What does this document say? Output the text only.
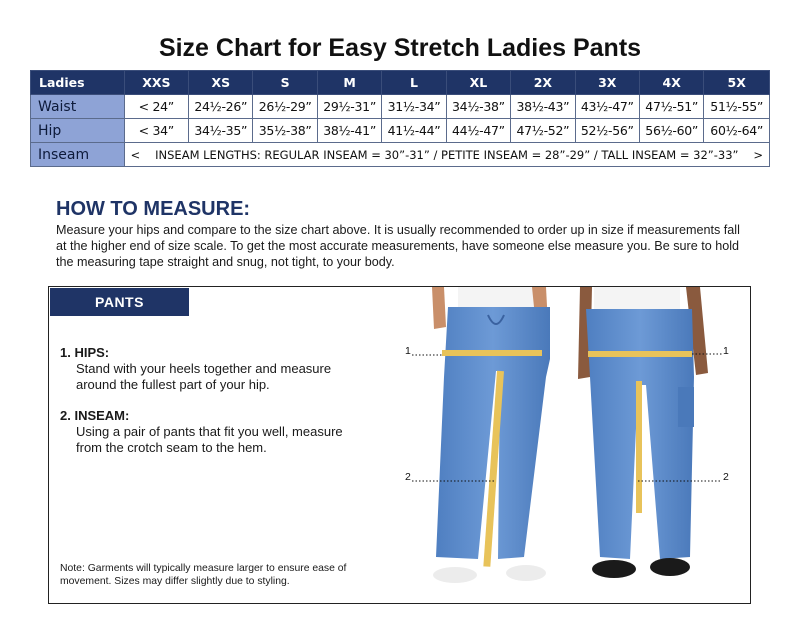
Size Chart for Easy Stretch Ladies Pants
Ladies	XXS	XS	S	M	L	XL	2X	3X	4X	5X
Waist	< 24”	24½-26”	26½-29”	29½-31”	31½-34”	34½-38”	38½-43”	43½-47”	47½-51”	51½-55”
Hip	< 34”	34½-35”	35½-38”	38½-41”	41½-44”	44½-47”	47½-52”	52½-56”	56½-60”	60½-64”
Inseam	< INSEAM LENGTHS: REGULAR INSEAM = 30”-31” / PETITE INSEAM = 28”-29” / TALL INSEAM = 32”-33” >									
HOW TO MEASURE:
Measure your hips and compare to the size chart above. It is usually recommended to order up in size if measurements fall at the higher end of size scale. To get the most accurate measurements, have someone else measure you. Be sure to hold the measuring tape straight and snug, not tight, to your body.
PANTS
1. HIPS:
Stand with your heels together and measure around the fullest part of your hip.
2. INSEAM:
Using a pair of pants that fit you well, measure from the crotch seam to the hem.
Note: Garments will typically measure larger to ensure ease of movement. Sizes may differ slightly due to styling.
1	1
2	2
